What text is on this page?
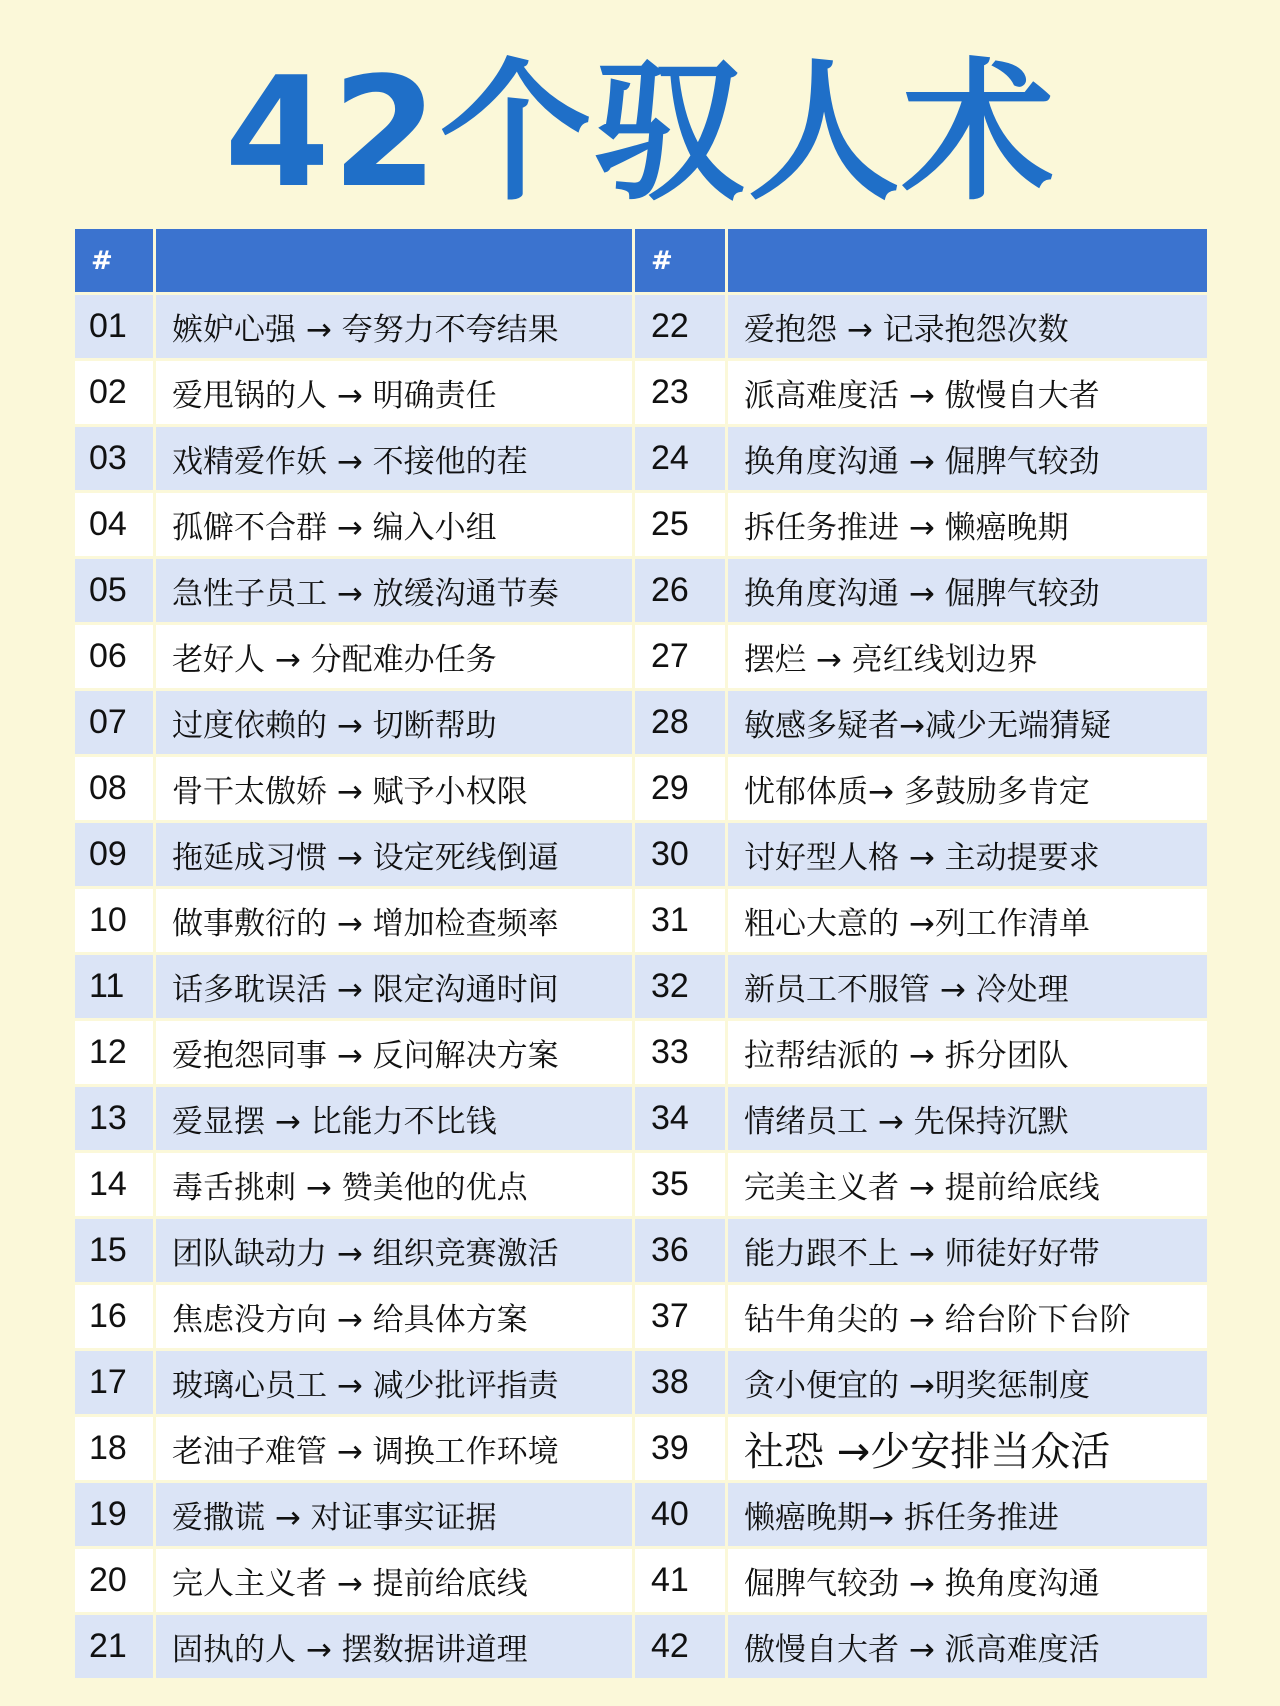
42个驭人术
#		#	
01	嫉妒心强 → 夸努力不夸结果	22	爱抱怨 → 记录抱怨次数
02	爱甩锅的人 → 明确责任	23	派高难度活 → 傲慢自大者
03	戏精爱作妖 → 不接他的茬	24	换角度沟通 → 倔脾气较劲
04	孤僻不合群 → 编入小组	25	拆任务推进 → 懒癌晚期
05	急性子员工 → 放缓沟通节奏	26	换角度沟通 → 倔脾气较劲
06	老好人 → 分配难办任务	27	摆烂 → 亮红线划边界
07	过度依赖的 → 切断帮助	28	敏感多疑者→减少无端猜疑
08	骨干太傲娇 → 赋予小权限	29	忧郁体质→ 多鼓励多肯定
09	拖延成习惯 → 设定死线倒逼	30	讨好型人格 → 主动提要求
10	做事敷衍的 → 增加检查频率	31	粗心大意的 →列工作清单
11	话多耽误活 → 限定沟通时间	32	新员工不服管 → 冷处理
12	爱抱怨同事 → 反问解决方案	33	拉帮结派的 → 拆分团队
13	爱显摆 → 比能力不比钱	34	情绪员工 → 先保持沉默
14	毒舌挑刺 → 赞美他的优点	35	完美主义者 → 提前给底线
15	团队缺动力 → 组织竞赛激活	36	能力跟不上 → 师徒好好带
16	焦虑没方向 → 给具体方案	37	钻牛角尖的 → 给台阶下台阶
17	玻璃心员工 → 减少批评指责	38	贪小便宜的 →明奖惩制度
18	老油子难管 → 调换工作环境	39	社恐 →少安排当众活
19	爱撒谎 → 对证事实证据	40	懒癌晚期→ 拆任务推进
20	完人主义者 → 提前给底线	41	倔脾气较劲 → 换角度沟通
21	固执的人 → 摆数据讲道理	42	傲慢自大者 → 派高难度活
